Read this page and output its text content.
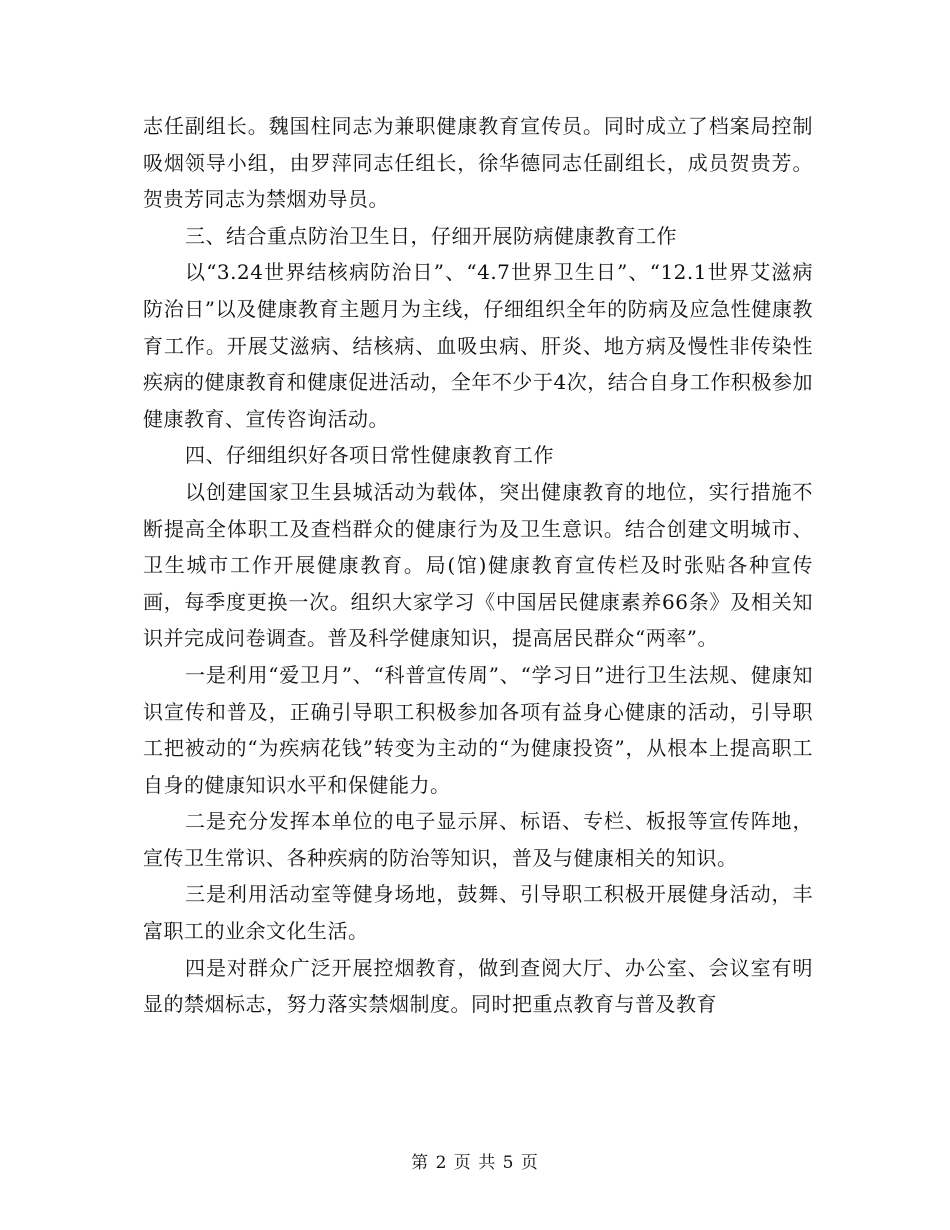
志任副组长。魏国柱同志为兼职健康教育宣传员。同时成立了档案局控制吸烟领导小组，由罗萍同志任组长，徐华德同志任副组长，成员贺贵芳。贺贵芳同志为禁烟劝导员。

三、结合重点防治卫生日，仔细开展防病健康教育工作

以“3.24世界结核病防治日”、“4.7世界卫生日”、“12.1世界艾滋病防治日”以及健康教育主题月为主线，仔细组织全年的防病及应急性健康教育工作。开展艾滋病、结核病、血吸虫病、肝炎、地方病及慢性非传染性疾病的健康教育和健康促进活动，全年不少于4次，结合自身工作积极参加健康教育、宣传咨询活动。

四、仔细组织好各项日常性健康教育工作

以创建国家卫生县城活动为载体，突出健康教育的地位，实行措施不断提高全体职工及查档群众的健康行为及卫生意识。结合创建文明城市、卫生城市工作开展健康教育。局(馆)健康教育宣传栏及时张贴各种宣传画，每季度更换一次。组织大家学习《中国居民健康素养66条》及相关知识并完成问卷调查。普及科学健康知识，提高居民群众“两率”。

一是利用“爱卫月”、“科普宣传周”、“学习日”进行卫生法规、健康知识宣传和普及，正确引导职工积极参加各项有益身心健康的活动，引导职工把被动的“为疾病花钱”转变为主动的“为健康投资”，从根本上提高职工自身的健康知识水平和保健能力。

二是充分发挥本单位的电子显示屏、标语、专栏、板报等宣传阵地，宣传卫生常识、各种疾病的防治等知识，普及与健康相关的知识。

三是利用活动室等健身场地，鼓舞、引导职工积极开展健身活动，丰富职工的业余文化生活。

四是对群众广泛开展控烟教育，做到查阅大厅、办公室、会议室有明显的禁烟标志，努力落实禁烟制度。同时把重点教育与普及教育

第 2 页 共 5 页
